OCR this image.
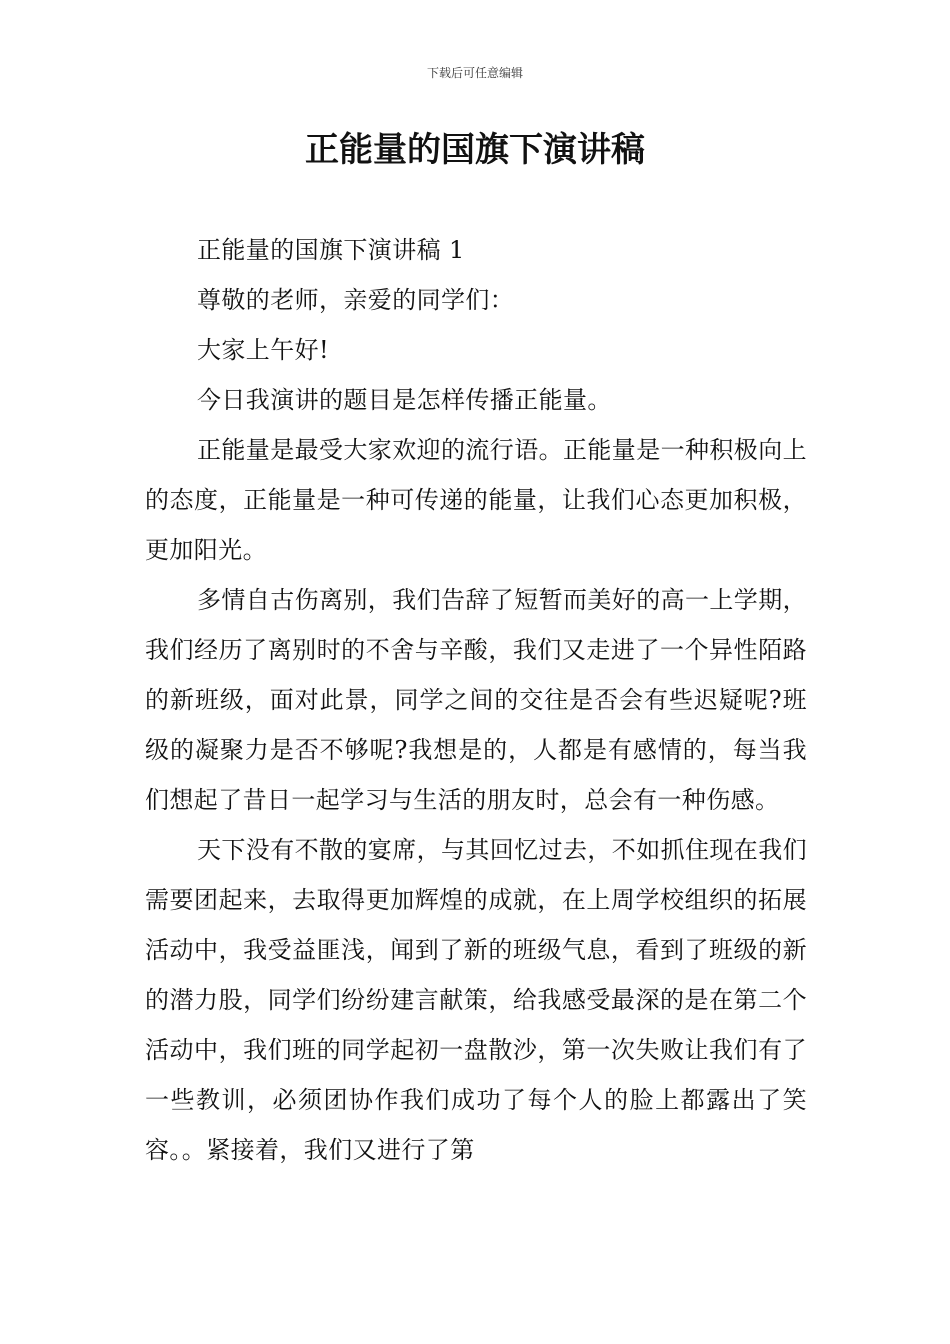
下载后可任意编辑
正能量的国旗下演讲稿

正能量的国旗下演讲稿 1

尊敬的老师，亲爱的同学们：

大家上午好!

今日我演讲的题目是怎样传播正能量。

正能量是最受大家欢迎的流行语。正能量是一种积极向上的态度，正能量是一种可传递的能量，让我们心态更加积极，更加阳光。

多情自古伤离别，我们告辞了短暂而美好的高一上学期，我们经历了离别时的不舍与辛酸，我们又走进了一个异性陌路的新班级，面对此景，同学之间的交往是否会有些迟疑呢?班级的凝聚力是否不够呢?我想是的，人都是有感情的，每当我们想起了昔日一起学习与生活的朋友时，总会有一种伤感。

天下没有不散的宴席，与其回忆过去，不如抓住现在我们需要团起来，去取得更加辉煌的成就，在上周学校组织的拓展活动中，我受益匪浅，闻到了新的班级气息，看到了班级的新的潜力股，同学们纷纷建言献策，给我感受最深的是在第二个活动中，我们班的同学起初一盘散沙，第一次失败让我们有了一些教训，必须团协作我们成功了每个人的脸上都露出了笑容。。紧接着，我们又进行了第
